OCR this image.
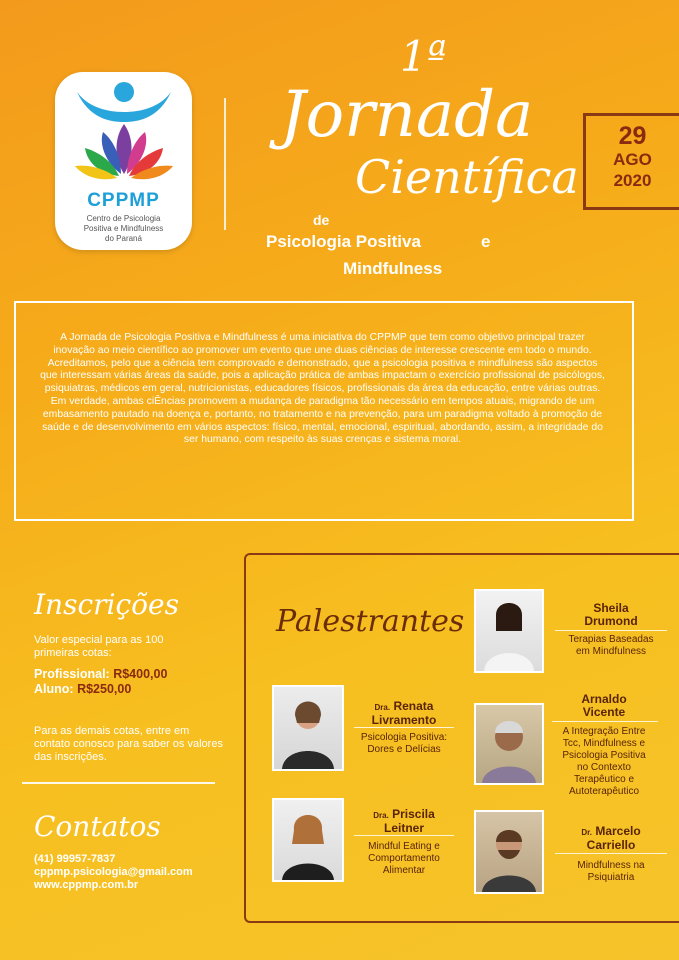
CPPMP
Centro de Psicologia
Positiva e Mindfulness
do Paraná
1ª
Jornada
Científica
de
Psicologia Positiva	e
Mindfulness
29
AGO
2020

A Jornada de Psicologia Positiva e Mindfulness é uma iniciativa do CPPMP que tem como objetivo principal trazer inovação ao meio científico ao promover um evento que une duas ciências de interesse crescente em todo o mundo.

Acreditamos, pelo que a ciência tem comprovado e demonstrado, que a psicologia positiva e mindfulness são aspectos que interessam várias áreas da saúde, pois a aplicação prática de ambas impactam o exercício profissional de psicólogos, psiquiatras, médicos em geral, nutricionistas, educadores físicos, profissionais da área da educação, entre várias outras.

Em verdade, ambas ciÊncias promovem a mudança de paradigma tão necessário em tempos atuais, migrando de um embasamento pautado na doença e, portanto, no tratamento e na prevenção, para um paradigma voltado à promoção de saúde e de desenvolvimento em vários aspectos: físico, mental, emocional, espiritual, abordando, assim, a integridade do ser humano, com respeito às suas crenças e sistema moral.

Inscrições
Valor especial para as 100 primeiras cotas:
Profissional: R$400,00
Aluno: R$250,00
Para as demais cotas, entre em contato conosco para saber os valores das inscrições.
Contatos
(41) 99957-7837
cppmp.psicologia@gmail.com
www.cppmp.com.br
Palestrantes	Sheila
Drumond
Terapias Baseadas
em Mindfulness
Dra. Renata
Livramento
Psicologia Positiva:
Dores e Delícias
Arnaldo
Vicente
A Integração Entre
Tcc, Mindfulness e
Psicologia Positiva
no Contexto
Terapêutico e
Autoterapêutico
Dra. Priscila
Leitner
Mindful Eating e
Comportamento
Alimentar
Dr. Marcelo
Carriello
Mindfulness na
Psiquiatria
